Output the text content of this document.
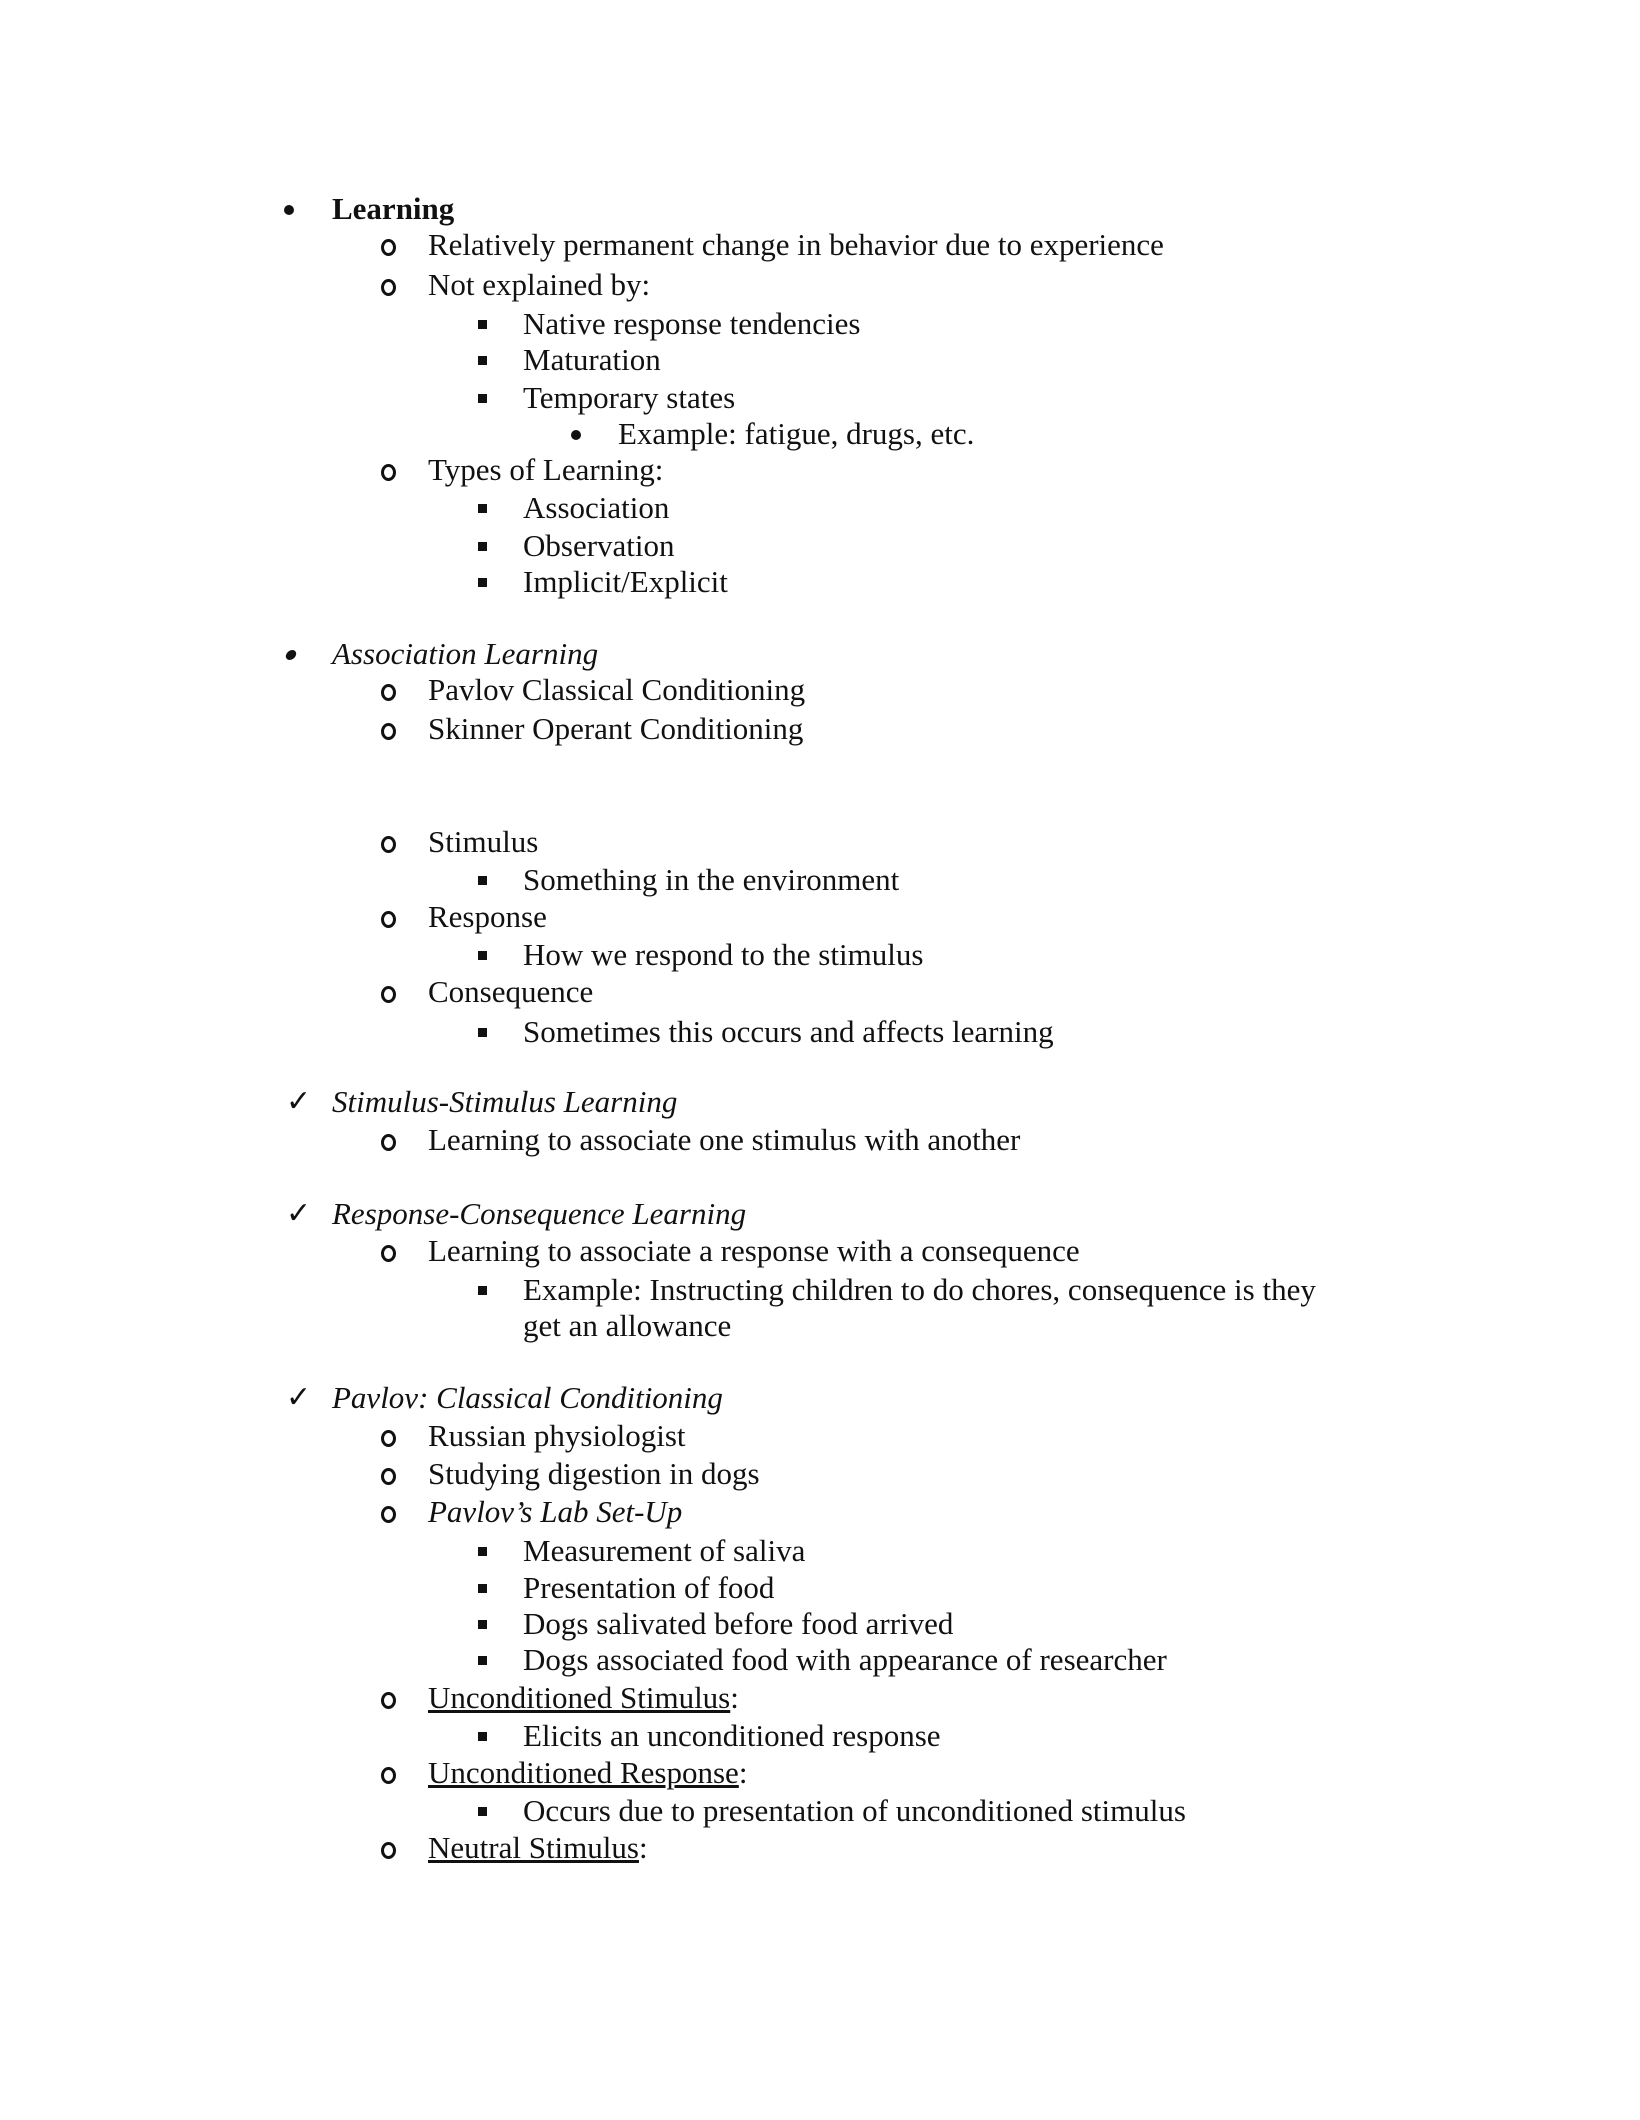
Learning
Relatively permanent change in behavior due to experience
Not explained by:
Native response tendencies
Maturation
Temporary states
Example: fatigue, drugs, etc.
Types of Learning:
Association
Observation
Implicit/Explicit
Association Learning
Pavlov Classical Conditioning
Skinner Operant Conditioning
Stimulus
Something in the environment
Response
How we respond to the stimulus
Consequence
Sometimes this occurs and affects learning
✓ Stimulus-Stimulus Learning
Learning to associate one stimulus with another
✓ Response-Consequence Learning
Learning to associate a response with a consequence
Example: Instructing children to do chores, consequence is they
get an allowance
✓ Pavlov: Classical Conditioning
Russian physiologist
Studying digestion in dogs
Pavlov’s Lab Set-Up
Measurement of saliva
Presentation of food
Dogs salivated before food arrived
Dogs associated food with appearance of researcher
Unconditioned Stimulus:
Elicits an unconditioned response
Unconditioned Response:
Occurs due to presentation of unconditioned stimulus
Neutral Stimulus:
